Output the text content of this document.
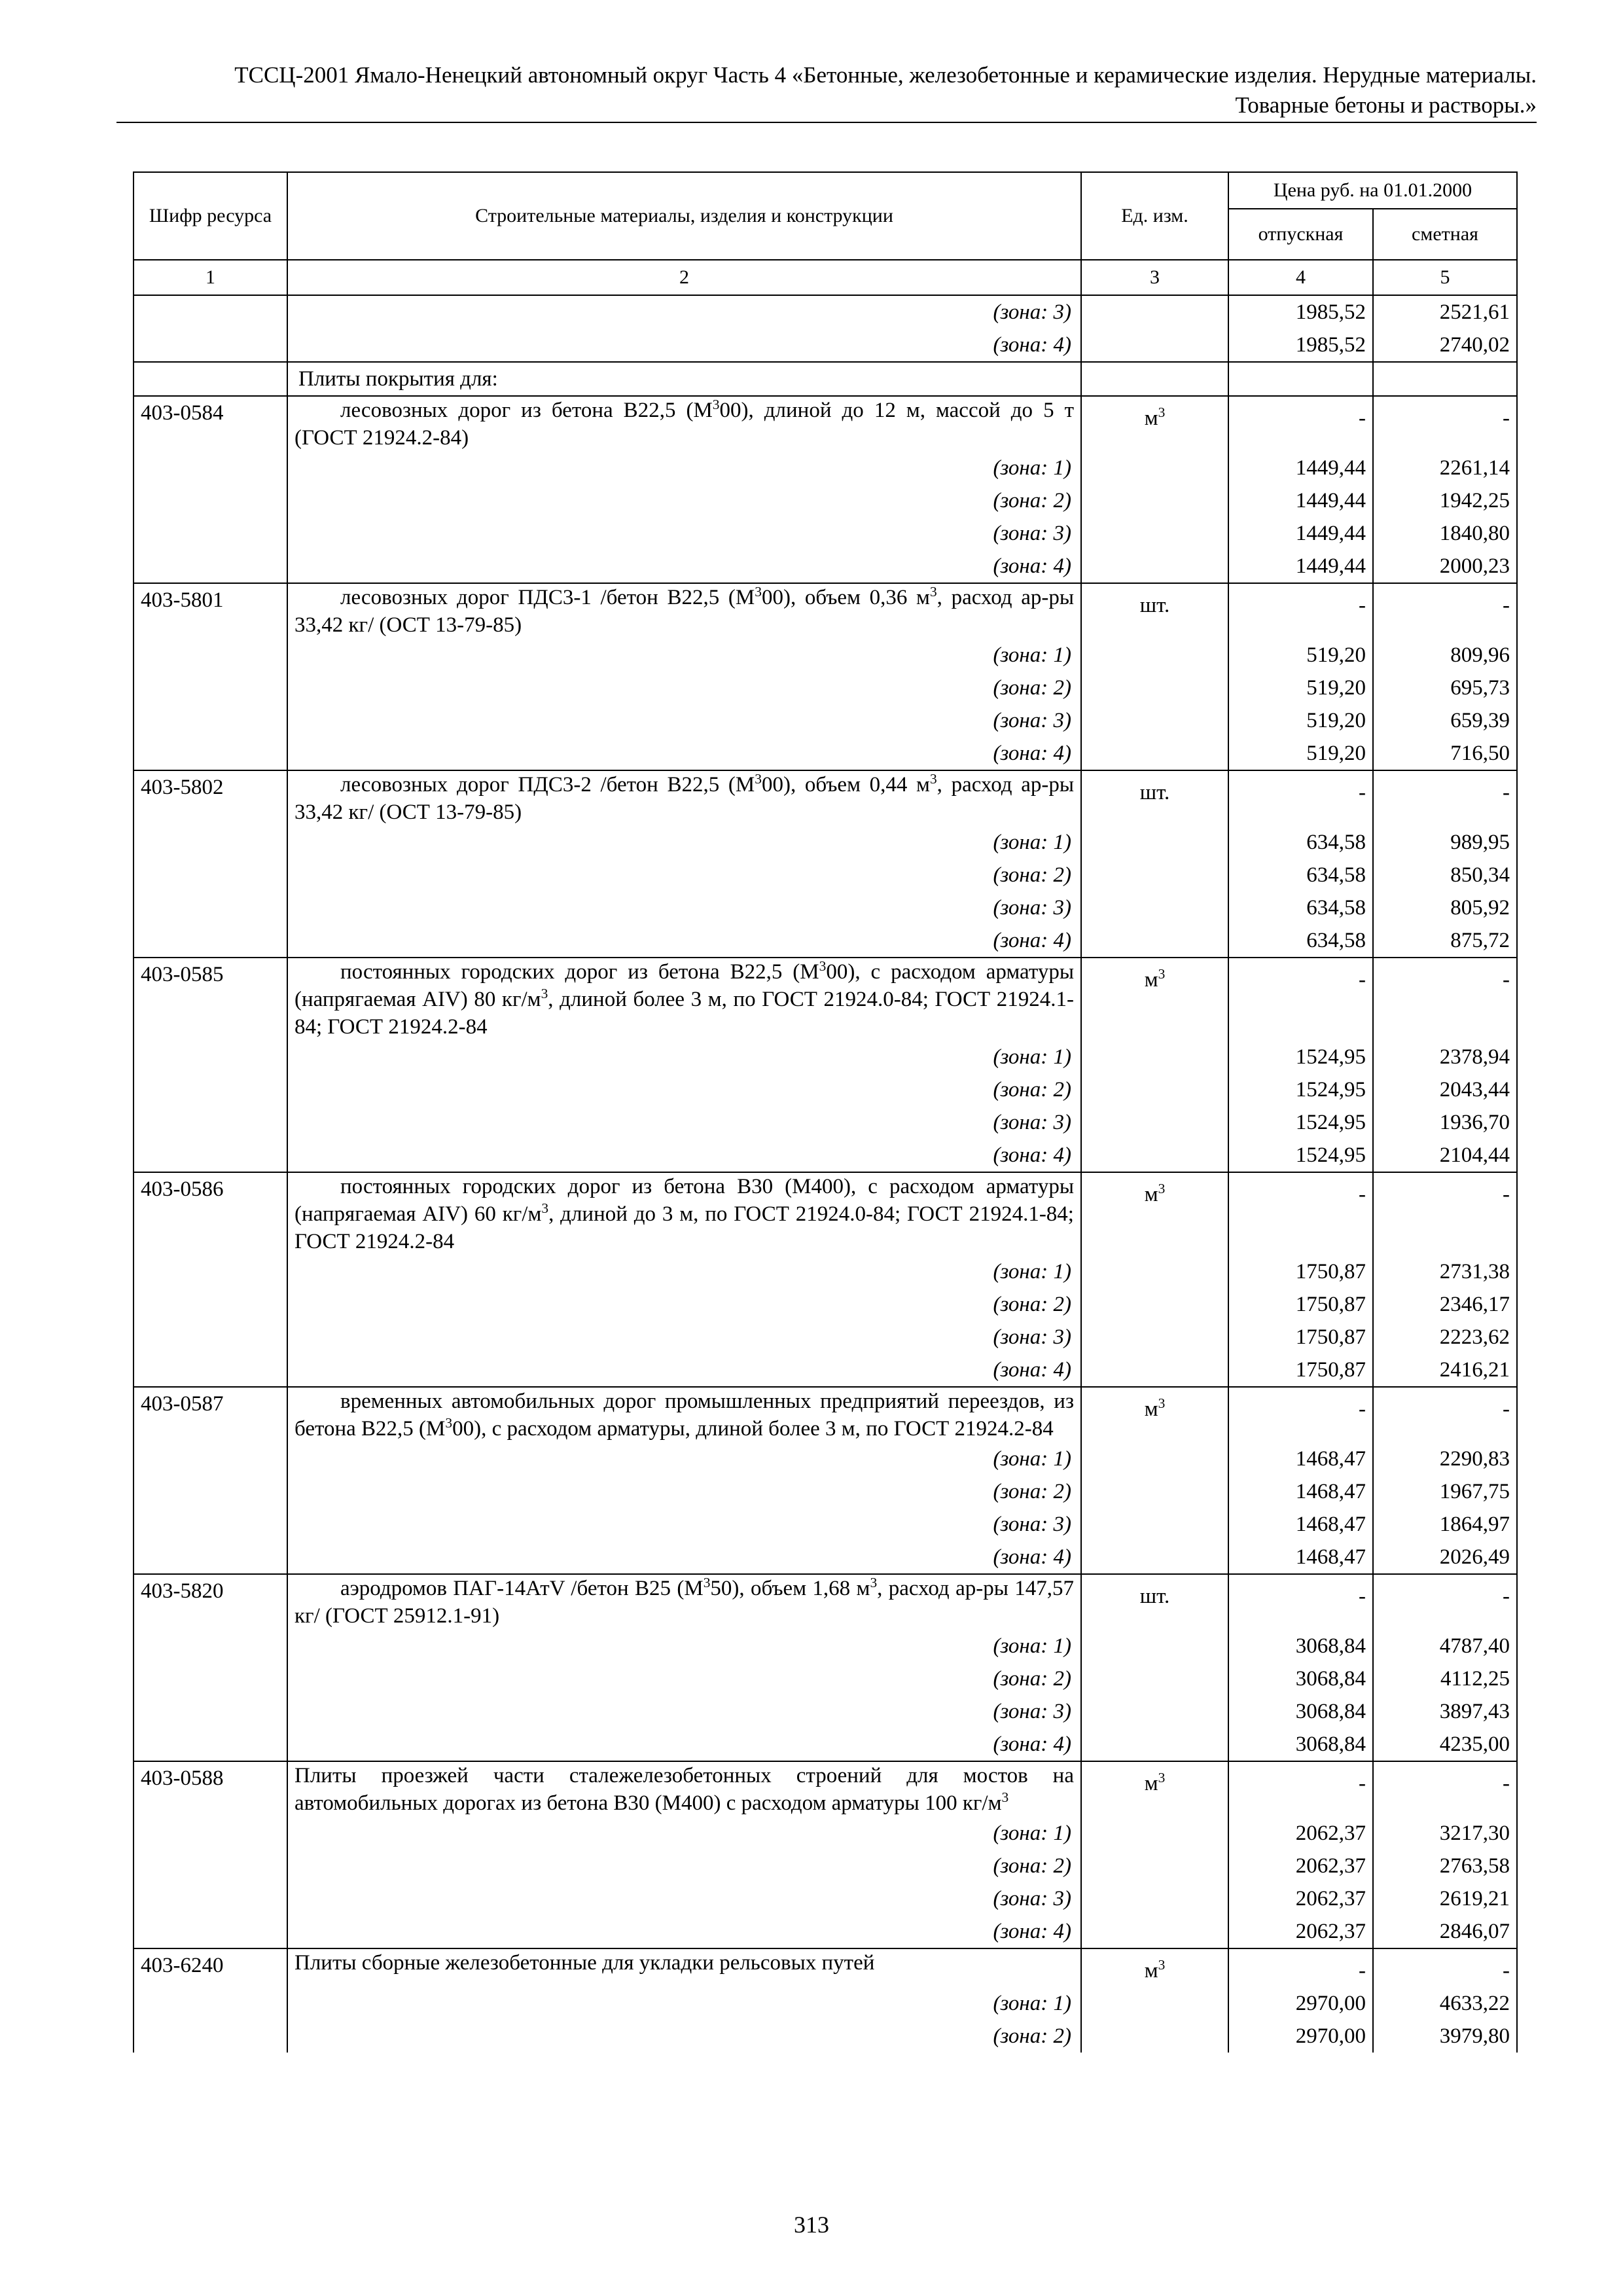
ТССЦ-2001 Ямало-Ненецкий автономный округ Часть 4 «Бетонные, железобетонные и керамические изделия. Нерудные материалы.
Товарные бетоны и растворы.»
Шифр ресурса	Строительные материалы, изделия и конструкции	Ед. изм.	Цена руб. на 01.01.2000	
			отпускная	сметная
1	2	3	4	5
	(зона: 3)		1985,52	2521,61
	(зона: 4)		1985,52	2740,02
	Плиты покрытия для:			
403-0584	лесовозных дорог из бетона В22,5 $(М^300)$, длиной до 12 м, массой до 5 т (ГОСТ 21924.2-84)	$м^3$	-	-
	(зона: 1)		1449,44	2261,14
	(зона: 2)		1449,44	1942,25
	(зона: 3)		1449,44	1840,80
	(зона: 4)		1449,44	2000,23
403-5801	лесовозных дорог ПДС3-1 /бетон В22,5 $(М^300)$, объем 0,36 $м^3$, расход ар-ры 33,42 кг/ (ОСТ 13-79-85)	шт.	-	-
	(зона: 1)		519,20	809,96
	(зона: 2)		519,20	695,73
	(зона: 3)		519,20	659,39
	(зона: 4)		519,20	716,50
403-5802	лесовозных дорог ПДС3-2 /бетон В22,5 $(М^300)$, объем 0,44 $м^3$, расход ар-ры 33,42 кг/ (ОСТ 13-79-85)	шт.	-	-
	(зона: 1)		634,58	989,95
	(зона: 2)		634,58	850,34
	(зона: 3)		634,58	805,92
	(зона: 4)		634,58	875,72
403-0585	постоянных городских дорог из бетона В22,5 $(М^300)$, с расходом арматуры (напрягаемая АIV) 80 $кг/м^3$, длиной более 3 м, по ГОСТ 21924.0-84; ГОСТ 21924.1-84; ГОСТ 21924.2-84	$м^3$	-	-
	(зона: 1)		1524,95	2378,94
	(зона: 2)		1524,95	2043,44
	(зона: 3)		1524,95	1936,70
	(зона: 4)		1524,95	2104,44
403-0586	постоянных городских дорог из бетона В30 (М400), с расходом арматуры (напрягаемая АIV) 60 $кг/м^3$, длиной до 3 м, по ГОСТ 21924.0-84; ГОСТ 21924.1-84; ГОСТ 21924.2-84	$м^3$	-	-
	(зона: 1)		1750,87	2731,38
	(зона: 2)		1750,87	2346,17
	(зона: 3)		1750,87	2223,62
	(зона: 4)		1750,87	2416,21
403-0587	временных автомобильных дорог промышленных предприятий переездов, из бетона В22,5 $(М^300)$, с расходом арматуры, длиной более 3 м, по ГОСТ 21924.2-84	$м^3$	-	-
	(зона: 1)		1468,47	2290,83
	(зона: 2)		1468,47	1967,75
	(зона: 3)		1468,47	1864,97
	(зона: 4)		1468,47	2026,49
403-5820	аэродромов ПАГ-14АтV /бетон В25 $(М^350)$, объем 1,68 $м^3$, расход ар-ры 147,57 кг/ (ГОСТ 25912.1-91)	шт.	-	-
	(зона: 1)		3068,84	4787,40
	(зона: 2)		3068,84	4112,25
	(зона: 3)		3068,84	3897,43
	(зона: 4)		3068,84	4235,00
403-0588	Плиты проезжей части сталежелезобетонных строений для мостов на автомобильных дорогах из бетона В30 (М400) с расходом арматуры 100 $кг/м^3$	$м^3$	-	-
	(зона: 1)		2062,37	3217,30
	(зона: 2)		2062,37	2763,58
	(зона: 3)		2062,37	2619,21
	(зона: 4)		2062,37	2846,07
403-6240	Плиты сборные железобетонные для укладки рельсовых путей	$м^3$	-	-
	(зона: 1)		2970,00	4633,22
	(зона: 2)		2970,00	3979,80
313
